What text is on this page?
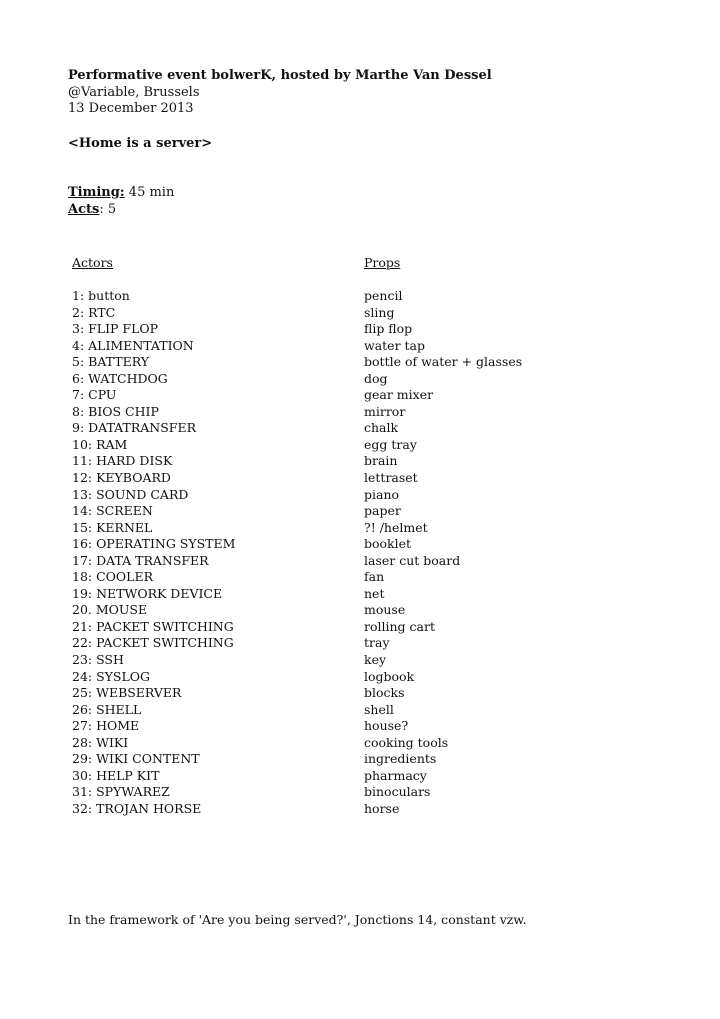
Performative event bolwerK, hosted by Marthe Van Dessel
@Variable, Brussels
13 December 2013
<Home is a server>
Timing: 45 min
Acts: 5
Actors	Props
1: button	pencil
2: RTC	sling
3: FLIP FLOP	flip flop
4: ALIMENTATION	water tap
5: BATTERY	bottle of water + glasses
6: WATCHDOG	dog
7: CPU	gear mixer
8: BIOS CHIP	mirror
9: DATATRANSFER	chalk
10: RAM	egg tray
11: HARD DISK	brain
12: KEYBOARD	lettraset
13: SOUND CARD	piano
14: SCREEN	paper
15: KERNEL	?! /helmet
16: OPERATING SYSTEM	booklet
17: DATA TRANSFER	laser cut board
18: COOLER	fan
19: NETWORK DEVICE	net
20. MOUSE	mouse
21: PACKET SWITCHING	rolling cart
22: PACKET SWITCHING	tray
23: SSH	key
24: SYSLOG	logbook
25: WEBSERVER	blocks
26: SHELL	shell
27: HOME	house?
28: WIKI	cooking tools
29: WIKI CONTENT	ingredients
30: HELP KIT	pharmacy
31: SPYWAREZ	binoculars
32: TROJAN HORSE	horse
In the framework of 'Are you being served?', Jonctions 14, constant vzw.
